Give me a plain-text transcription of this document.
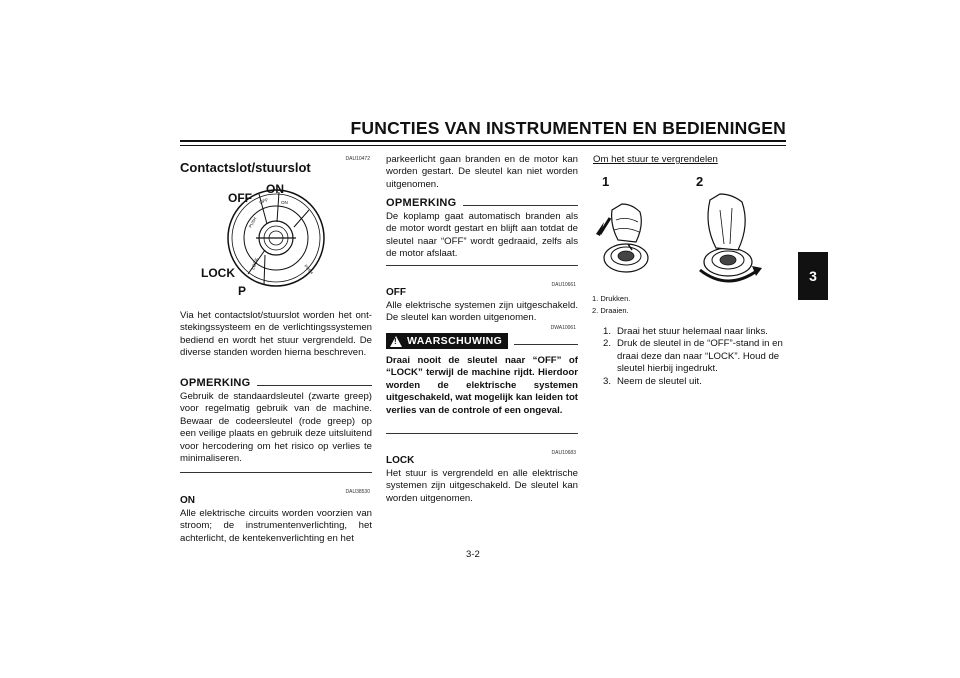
FUNCTIES VAN INSTRUMENTEN EN BEDIENINGEN
3
DAU10472
Contactslot/stuurslot
PUSH
PUSH
OFF	ON
LOCK
OFF
ON
LOCK
P
Via het contactslot/stuurslot worden het ontstekingssysteem en de verlichtingssystemen bediend en wordt het stuur vergrendeld. De diverse standen worden hierna beschreven.
OPMERKING
Gebruik de standaardsleutel (zwarte greep) voor regelmatig gebruik van de machine. Bewaar de codeersleutel (rode greep) op een veilige plaats en gebruik deze uitsluitend voor hercodering om het risico op verlies te minimaliseren.
DAU38530
ON
Alle elektrische circuits worden voorzien van stroom; de instrumentenverlichting, het achterlicht, de kentekenverlichting en het
parkeerlicht gaan branden en de motor kan worden gestart. De sleutel kan niet worden uitgenomen.
OPMERKING
De koplamp gaat automatisch branden als de motor wordt gestart en blijft aan totdat de sleutel naar “OFF” wordt gedraaid, zelfs als de motor afslaat.
DAU10661
OFF
Alle elektrische systemen zijn uitgeschakeld. De sleutel kan worden uitgenomen.
DWA10061
! WAARSCHUWING
Draai nooit de sleutel naar “OFF” of “LOCK” terwijl de machine rijdt. Hierdoor worden de elektrische systemen uitgeschakeld, wat mogelijk kan leiden tot verlies van de controle of een ongeval.
DAU10683
LOCK
Het stuur is vergrendeld en alle elektrische systemen zijn uitgeschakeld. De sleutel kan worden uitgenomen.
Om het stuur te vergrendelen
1	2
1. Drukken.
2. Draaien.
1. Draai het stuur helemaal naar links.
2. Druk de sleutel in de “OFF”-stand in en draai deze dan naar “LOCK”. Houd de sleutel hierbij ingedrukt.
3. Neem de sleutel uit.
3-2
